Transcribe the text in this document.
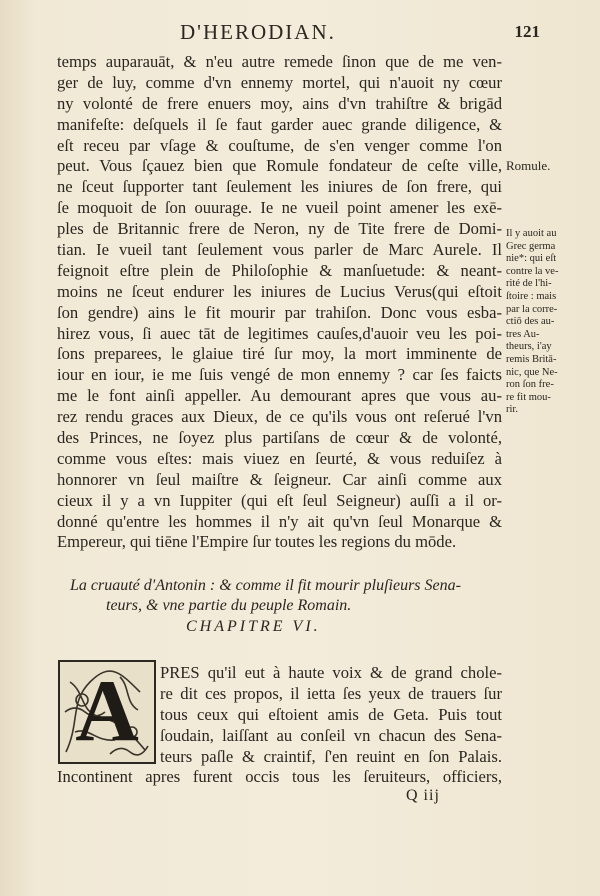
D'HERODIAN.	121
temps auparauāt, & n'eu autre remede ſinon que de me ven-
ger de luy, comme d'vn ennemy mortel, qui n'auoit ny cœur
ny volonté de frere enuers moy, ains d'vn trahiſtre & brigād
manifeſte: deſquels il ſe faut garder auec grande diligence, &
eſt receu par vſage & couſtume, de s'en venger comme l'on
peut. Vous ſçauez bien que Romule fondateur de ceſte ville,
ne ſceut ſupporter tant ſeulement les iniures de ſon frere, qui
ſe moquoit de ſon ouurage. Ie ne vueil point amener les exē-
ples de Britannic frere de Neron, ny de Tite frere de Domi-
tian. Ie vueil tant ſeulement vous parler de Marc Aurele. Il
feignoit eſtre plein de Philoſophie & manſuetude: & neant-
moins ne ſceut endurer les iniures de Lucius Verus(qui eſtoit
ſon gendre) ains le fit mourir par trahiſon. Donc vous esba-
hirez vous, ſi auec tāt de legitimes cauſes,d'auoir veu les poi-
ſons preparees, le glaiue tiré ſur moy, la mort imminente de
iour en iour, ie me ſuis vengé de mon ennemy ? car ſes faicts
me le font ainſi appeller. Au demourant apres que vous au-
rez rendu graces aux Dieux, de ce qu'ils vous ont reſerué l'vn
des Princes, ne ſoyez plus partiſans de cœur & de volonté,
comme vous eſtes: mais viuez en ſeurté, & vous reduiſez à
honnorer vn ſeul maiſtre & ſeigneur. Car ainſi comme aux
cieux il y a vn Iuppiter (qui eſt ſeul Seigneur) auſſi a il or-
donné qu'entre les hommes il n'y ait qu'vn ſeul Monarque &
Empereur, qui tiēne l'Empire ſur toutes les regions du mōde.
Romule.
Il y auoit au
Grec germa
nie*: qui eſt
contre la ve-
rité de l'hi-
ſtoire : mais
par la corre-
ctiō des au-
tres Au-
theurs, i'ay
remis Britā-
nic, que Ne-
ron ſon fre-
re fit mou-
rir.
La cruauté d'Antonin : & comme il fit mourir pluſieurs Sena-
teurs, & vne partie du peuple Romain.
CHAPITRE VI.
A	PRES qu'il eut à haute voix & de grand chole-
re dit ces propos, il ietta ſes yeux de trauers ſur
tous ceux qui eſtoient amis de Geta. Puis tout
ſoudain, laiſſant au conſeil vn chacun des Sena-
teurs paſle & craintif, ſ'en reuint en ſon Palais.
Incontinent apres furent occis tous les ſeruiteurs, officiers,
Q iij
